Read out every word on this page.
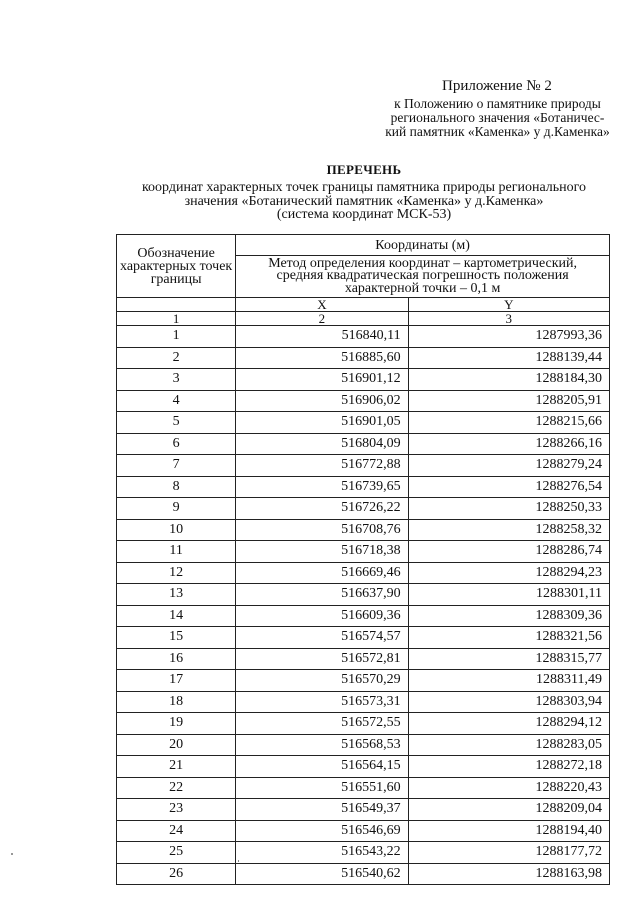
Приложение № 2
к Положению о памятнике природы
регионального значения «Ботаничес-
кий памятник «Каменка» у д.Каменка»
ПЕРЕЧЕНЬ
координат характерных точек границы памятника природы регионального
значения «Ботанический памятник «Каменка» у д.Каменка»
(система координат МСК-53)
Обозначение характерных точек границы	Координаты (м)	

	Метод определения координат – картометрический,
средняя квадратическая погрешность положения
характерной точки – 0,1 м	

	X	Y
1	2	3
1	516840,11	1287993,36
2	516885,60	1288139,44
3	516901,12	1288184,30
4	516906,02	1288205,91
5	516901,05	1288215,66
6	516804,09	1288266,16
7	516772,88	1288279,24
8	516739,65	1288276,54
9	516726,22	1288250,33
10	516708,76	1288258,32
11	516718,38	1288286,74
12	516669,46	1288294,23
13	516637,90	1288301,11
14	516609,36	1288309,36
15	516574,57	1288321,56
16	516572,81	1288315,77
17	516570,29	1288311,49
18	516573,31	1288303,94
19	516572,55	1288294,12
20	516568,53	1288283,05
21	516564,15	1288272,18
22	516551,60	1288220,43
23	516549,37	1288209,04
24	516546,69	1288194,40
25	516543,22	1288177,72
26	516540,62	1288163,98
